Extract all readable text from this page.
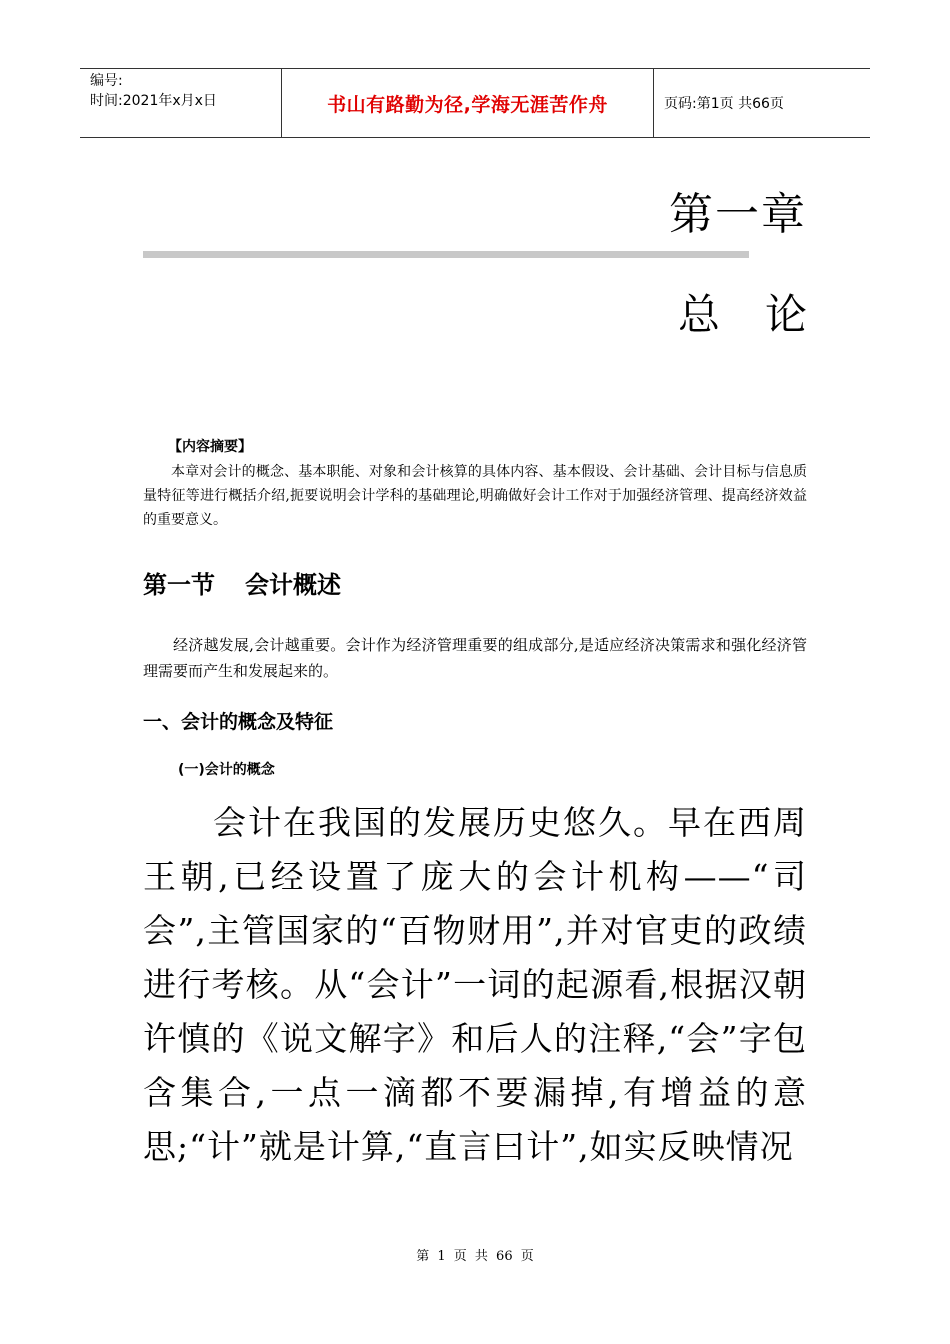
编号:
时间:2021年x月x日	书山有路勤为径,学海无涯苦作舟	页码:第1页 共66页
第一章
总论
【内容摘要】
本章对会计的概念、基本职能、对象和会计核算的具体内容、基本假设、会计基础、会计目标与信息质量特征等进行概括介绍,扼要说明会计学科的基础理论,明确做好会计工作对于加强经济管理、提高经济效益的重要意义。
第一节 会计概述
经济越发展,会计越重要。会计作为经济管理重要的组成部分,是适应经济决策需求和强化经济管理需要而产生和发展起来的。
一、会计的概念及特征
(一)会计的概念
会计在我国的发展历史悠久。早在西周王朝,已经设置了庞大的会计机构——“司会”,主管国家的“百物财用”,并对官吏的政绩进行考核。从“会计”一词的起源看,根据汉朝许慎的《说文解字》和后人的注释,“会”字包含集合,一点一滴都不要漏掉,有增益的意思;“计”就是计算,“直言曰计”,如实反映情况
第 1 页 共 66 页
